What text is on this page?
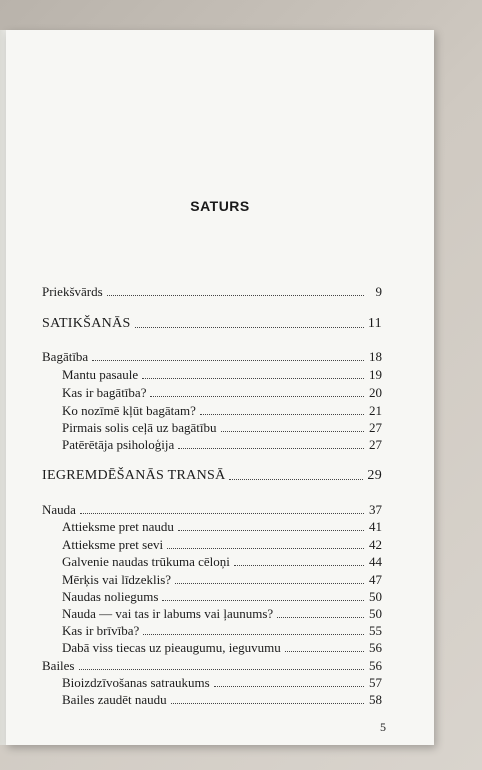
SATURS
Priekšvārds	9
SATIKŠANĀS	11
Bagātība	18
Mantu pasaule	19
Kas ir bagātība?	20
Ko nozīmē kļūt bagātam?	21
Pirmais solis ceļā uz bagātību	27
Patērētāja psiholoģija	27
IEGREMDĒŠANĀS TRANSĀ	29
Nauda	37
Attieksme pret naudu	41
Attieksme pret sevi	42
Galvenie naudas trūkuma cēloņi	44
Mērķis vai līdzeklis?	47
Naudas noliegums	50
Nauda — vai tas ir labums vai ļaunums?	50
Kas ir brīvība?	55
Dabā viss tiecas uz pieaugumu, ieguvumu	56
Bailes	56
Bioizdzīvošanas satraukums	57
Bailes zaudēt naudu	58
5
